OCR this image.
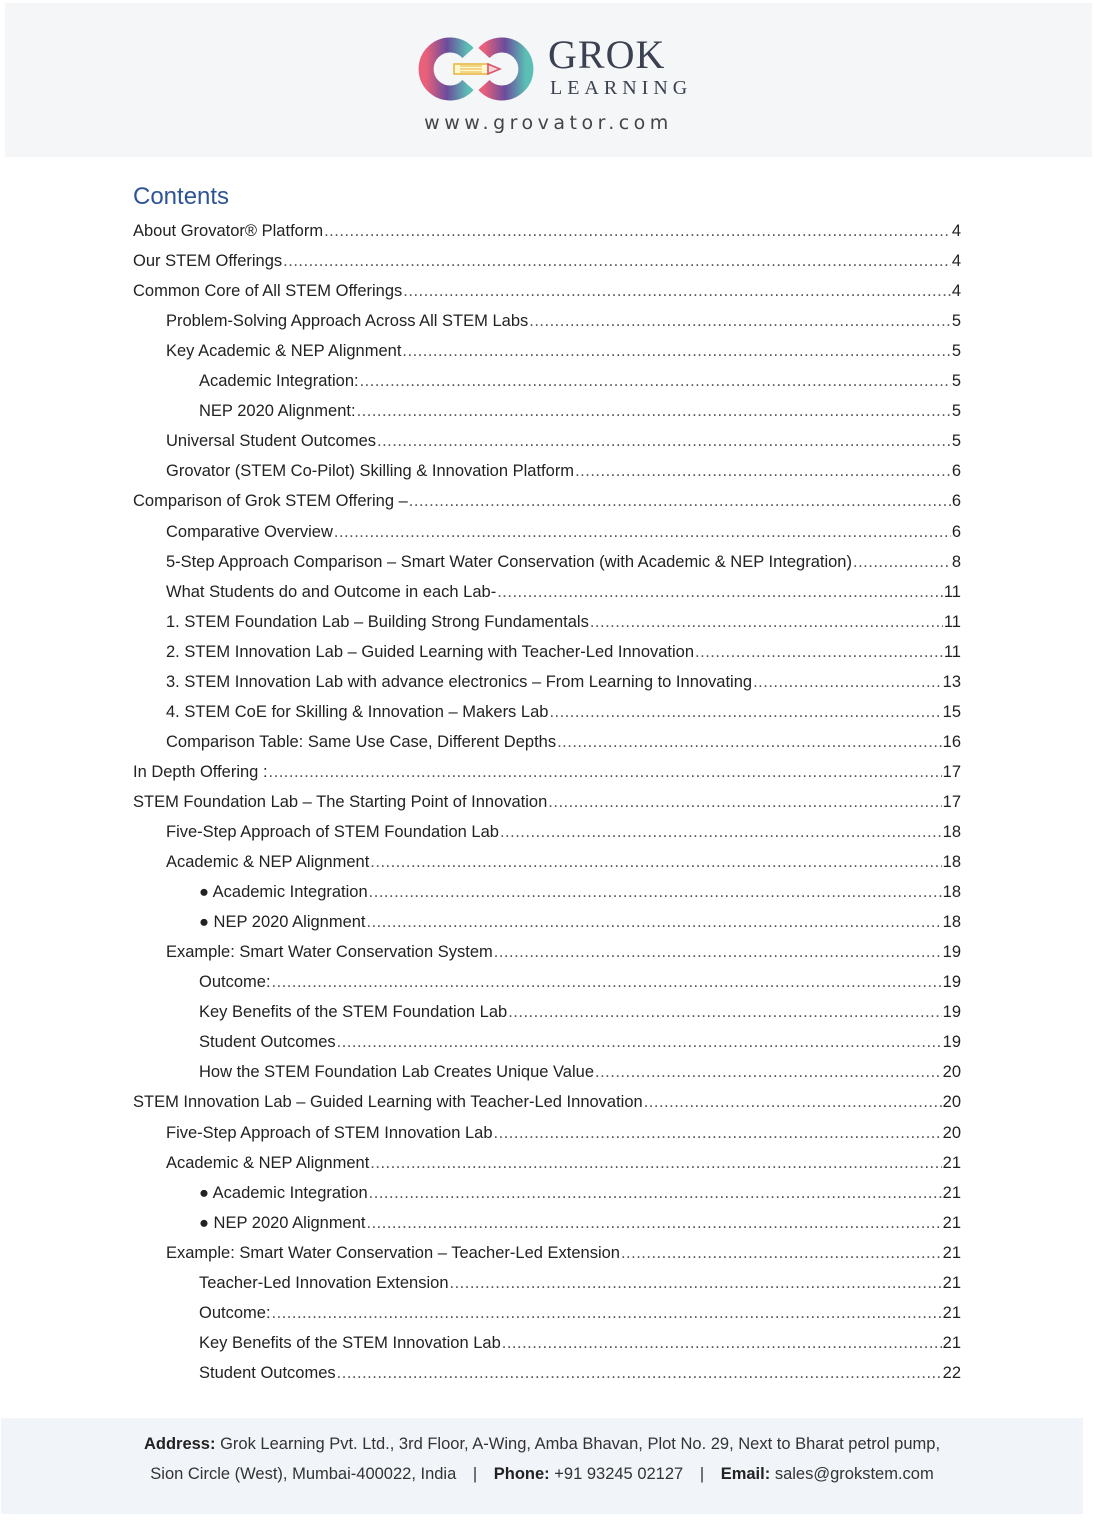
GROK
LEARNING
www.grovator.com
Contents
About Grovator® Platform .....	4
Our STEM Offerings .....	4
Common Core of All STEM Offerings .....	4
Problem-Solving Approach Across All STEM Labs .....	5
Key Academic & NEP Alignment .....	5
Academic Integration: .....	5
NEP 2020 Alignment: .....	5
Universal Student Outcomes .....	5
Grovator (STEM Co-Pilot) Skilling & Innovation Platform .....	6
Comparison of Grok STEM Offering – .....	6
Comparative Overview .....	6
5-Step Approach Comparison – Smart Water Conservation (with Academic & NEP Integration) .....	8
What Students do and Outcome in each Lab- .....	11
1. STEM Foundation Lab – Building Strong Fundamentals .....	11
2. STEM Innovation Lab – Guided Learning with Teacher-Led Innovation .....	11
3. STEM Innovation Lab with advance electronics – From Learning to Innovating .....	13
4. STEM CoE for Skilling & Innovation – Makers Lab .....	15
Comparison Table: Same Use Case, Different Depths .....	16
In Depth Offering : .....	17
STEM Foundation Lab – The Starting Point of Innovation .....	17
Five-Step Approach of STEM Foundation Lab .....	18
Academic & NEP Alignment .....	18
● Academic Integration .....	18
● NEP 2020 Alignment .....	18
Example: Smart Water Conservation System .....	19
Outcome: .....	19
Key Benefits of the STEM Foundation Lab .....	19
Student Outcomes .....	19
How the STEM Foundation Lab Creates Unique Value .....	20
STEM Innovation Lab – Guided Learning with Teacher-Led Innovation .....	20
Five-Step Approach of STEM Innovation Lab .....	20
Academic & NEP Alignment .....	21
● Academic Integration .....	21
● NEP 2020 Alignment .....	21
Example: Smart Water Conservation – Teacher-Led Extension .....	21
Teacher-Led Innovation Extension .....	21
Outcome: .....	21
Key Benefits of the STEM Innovation Lab .....	21
Student Outcomes .....	22
Address: Grok Learning Pvt. Ltd., 3rd Floor, A-Wing, Amba Bhavan, Plot No. 29, Next to Bharat petrol pump,
Sion Circle (West), Mumbai-400022, India | Phone: +91 93245 02127 | Email: sales@grokstem.com
